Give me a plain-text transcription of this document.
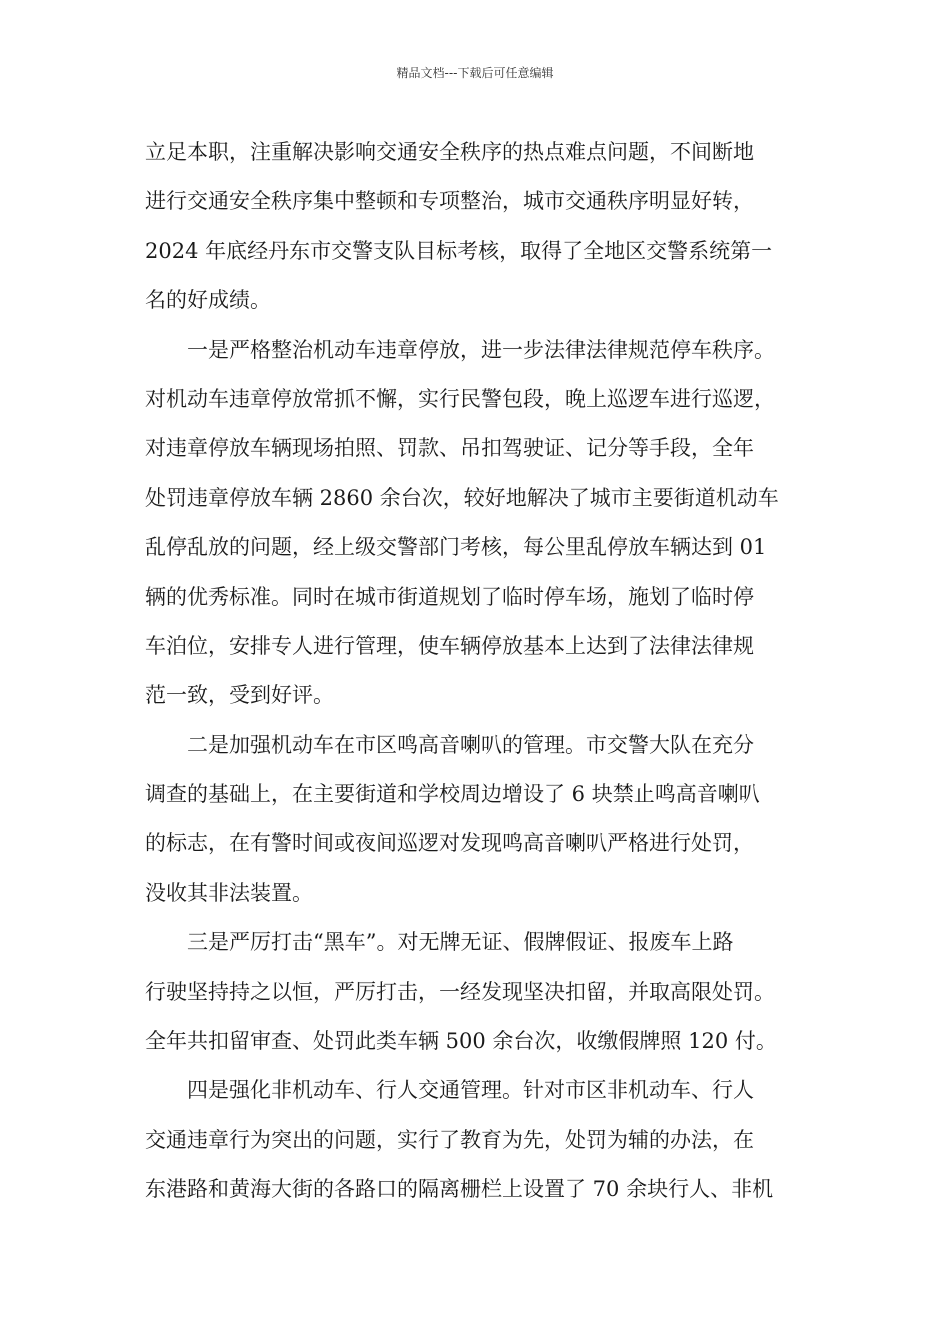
精品文档---下载后可任意编辑
立足本职，注重解决影响交通安全秩序的热点难点问题，不间断地
进行交通安全秩序集中整顿和专项整治，城市交通秩序明显好转，
2024 年底经丹东市交警支队目标考核，取得了全地区交警系统第一
名的好成绩。
一是严格整治机动车违章停放，进一步法律法律规范停车秩序。
对机动车违章停放常抓不懈，实行民警包段，晚上巡逻车进行巡逻，
对违章停放车辆现场拍照、罚款、吊扣驾驶证、记分等手段，全年
处罚违章停放车辆 2860 余台次，较好地解决了城市主要街道机动车
乱停乱放的问题，经上级交警部门考核，每公里乱停放车辆达到 01
辆的优秀标准。同时在城市街道规划了临时停车场，施划了临时停
车泊位，安排专人进行管理，使车辆停放基本上达到了法律法律规
范一致，受到好评。
二是加强机动车在市区鸣高音喇叭的管理。市交警大队在充分
调查的基础上，在主要街道和学校周边增设了 6 块禁止鸣高音喇叭
的标志，在有警时间或夜间巡逻对发现鸣高音喇叭严格进行处罚，
没收其非法装置。
三是严厉打击“黑车”。对无牌无证、假牌假证、报废车上路
行驶坚持持之以恒，严厉打击，一经发现坚决扣留，并取高限处罚。
全年共扣留审查、处罚此类车辆 500 余台次，收缴假牌照 120 付。
四是强化非机动车、行人交通管理。针对市区非机动车、行人
交通违章行为突出的问题，实行了教育为先，处罚为辅的办法，在
东港路和黄海大街的各路口的隔离栅栏上设置了 70 余块行人、非机
